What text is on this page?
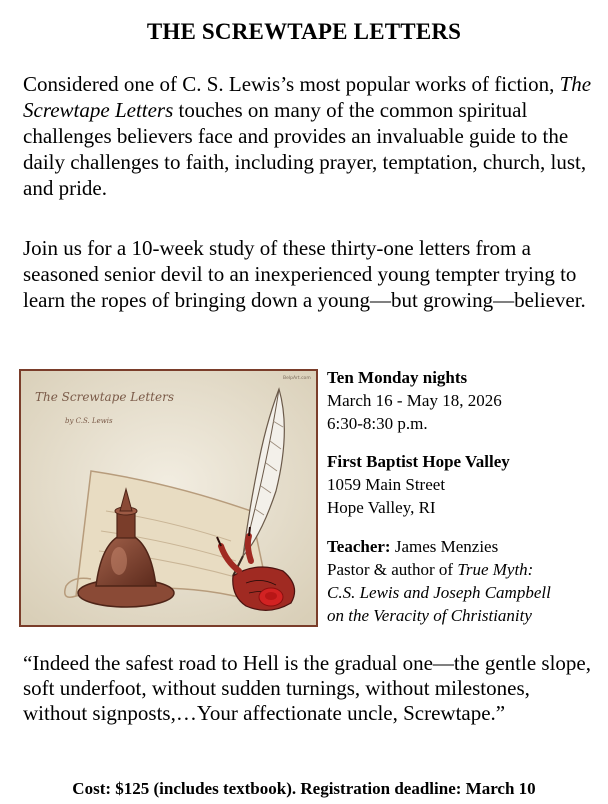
THE SCREWTAPE LETTERS
Considered one of C. S. Lewis’s most popular works of fiction, The Screwtape Letters touches on many of the common spiritual challenges believers face and provides an invaluable guide to the daily challenges to faith, including prayer, temptation, church, lust, and pride.
Join us for a 10-week study of these thirty-one letters from a seasoned senior devil to an inexperienced young tempter trying to learn the ropes of bringing down a young—but growing—believer.
The Screwtape Letters
by C.S. Lewis
BelpArt.com Ten Monday nights
March 16 - May 18, 2026
6:30-8:30 p.m.
First Baptist Hope Valley
1059 Main Street
Hope Valley, RI
Teacher: James Menzies
Pastor & author of True Myth:
C.S. Lewis and Joseph Campbell
on the Veracity of Christianity
“Indeed the safest road to Hell is the gradual one—the gentle slope, soft underfoot, without sudden turnings, without milestones, without signposts,…Your affectionate uncle, Screwtape.”
Cost: $125 (includes textbook). Registration deadline: March 10
